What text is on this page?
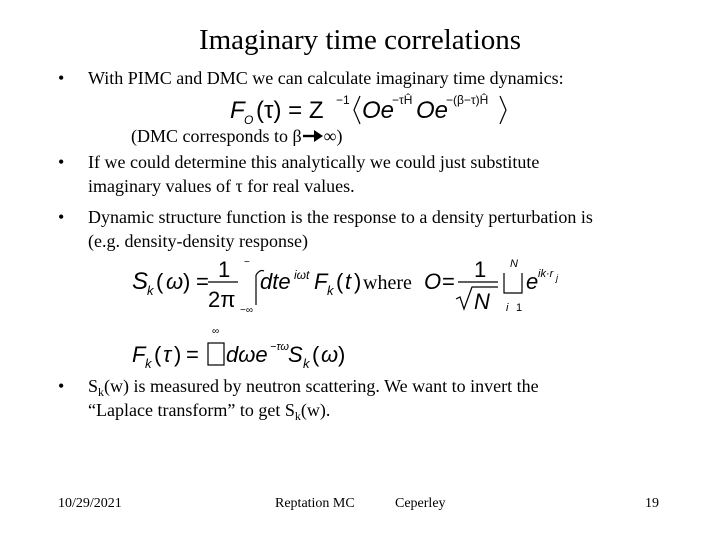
Imaginary time correlations
• With PIMC and DMC we can calculate imaginary time dynamics:
F O (τ) = Z −1 Oe
−τĤ Oe
−(β−τ)Ĥ
(DMC corresponds to β ∞)
• If we could determine this analytically we could just substitute
imaginary values of τ for real values.
• Dynamic structure function is the response to a density perturbation is
(e.g. density-density response)
S
k ( ω ) = 1
2π
dte iωt F k ( t )
−
−∞
where O = 1
N
N
i 1
e ik·r j
F k ( τ ) =
∞
dωe −τω S k ( ω )
• $S_k(w)$ is measured by neutron scattering. We want to invert the
“Laplace transform” to get $S_k(w)$.
10/29/2021	Reptation MC	Ceperley	19
